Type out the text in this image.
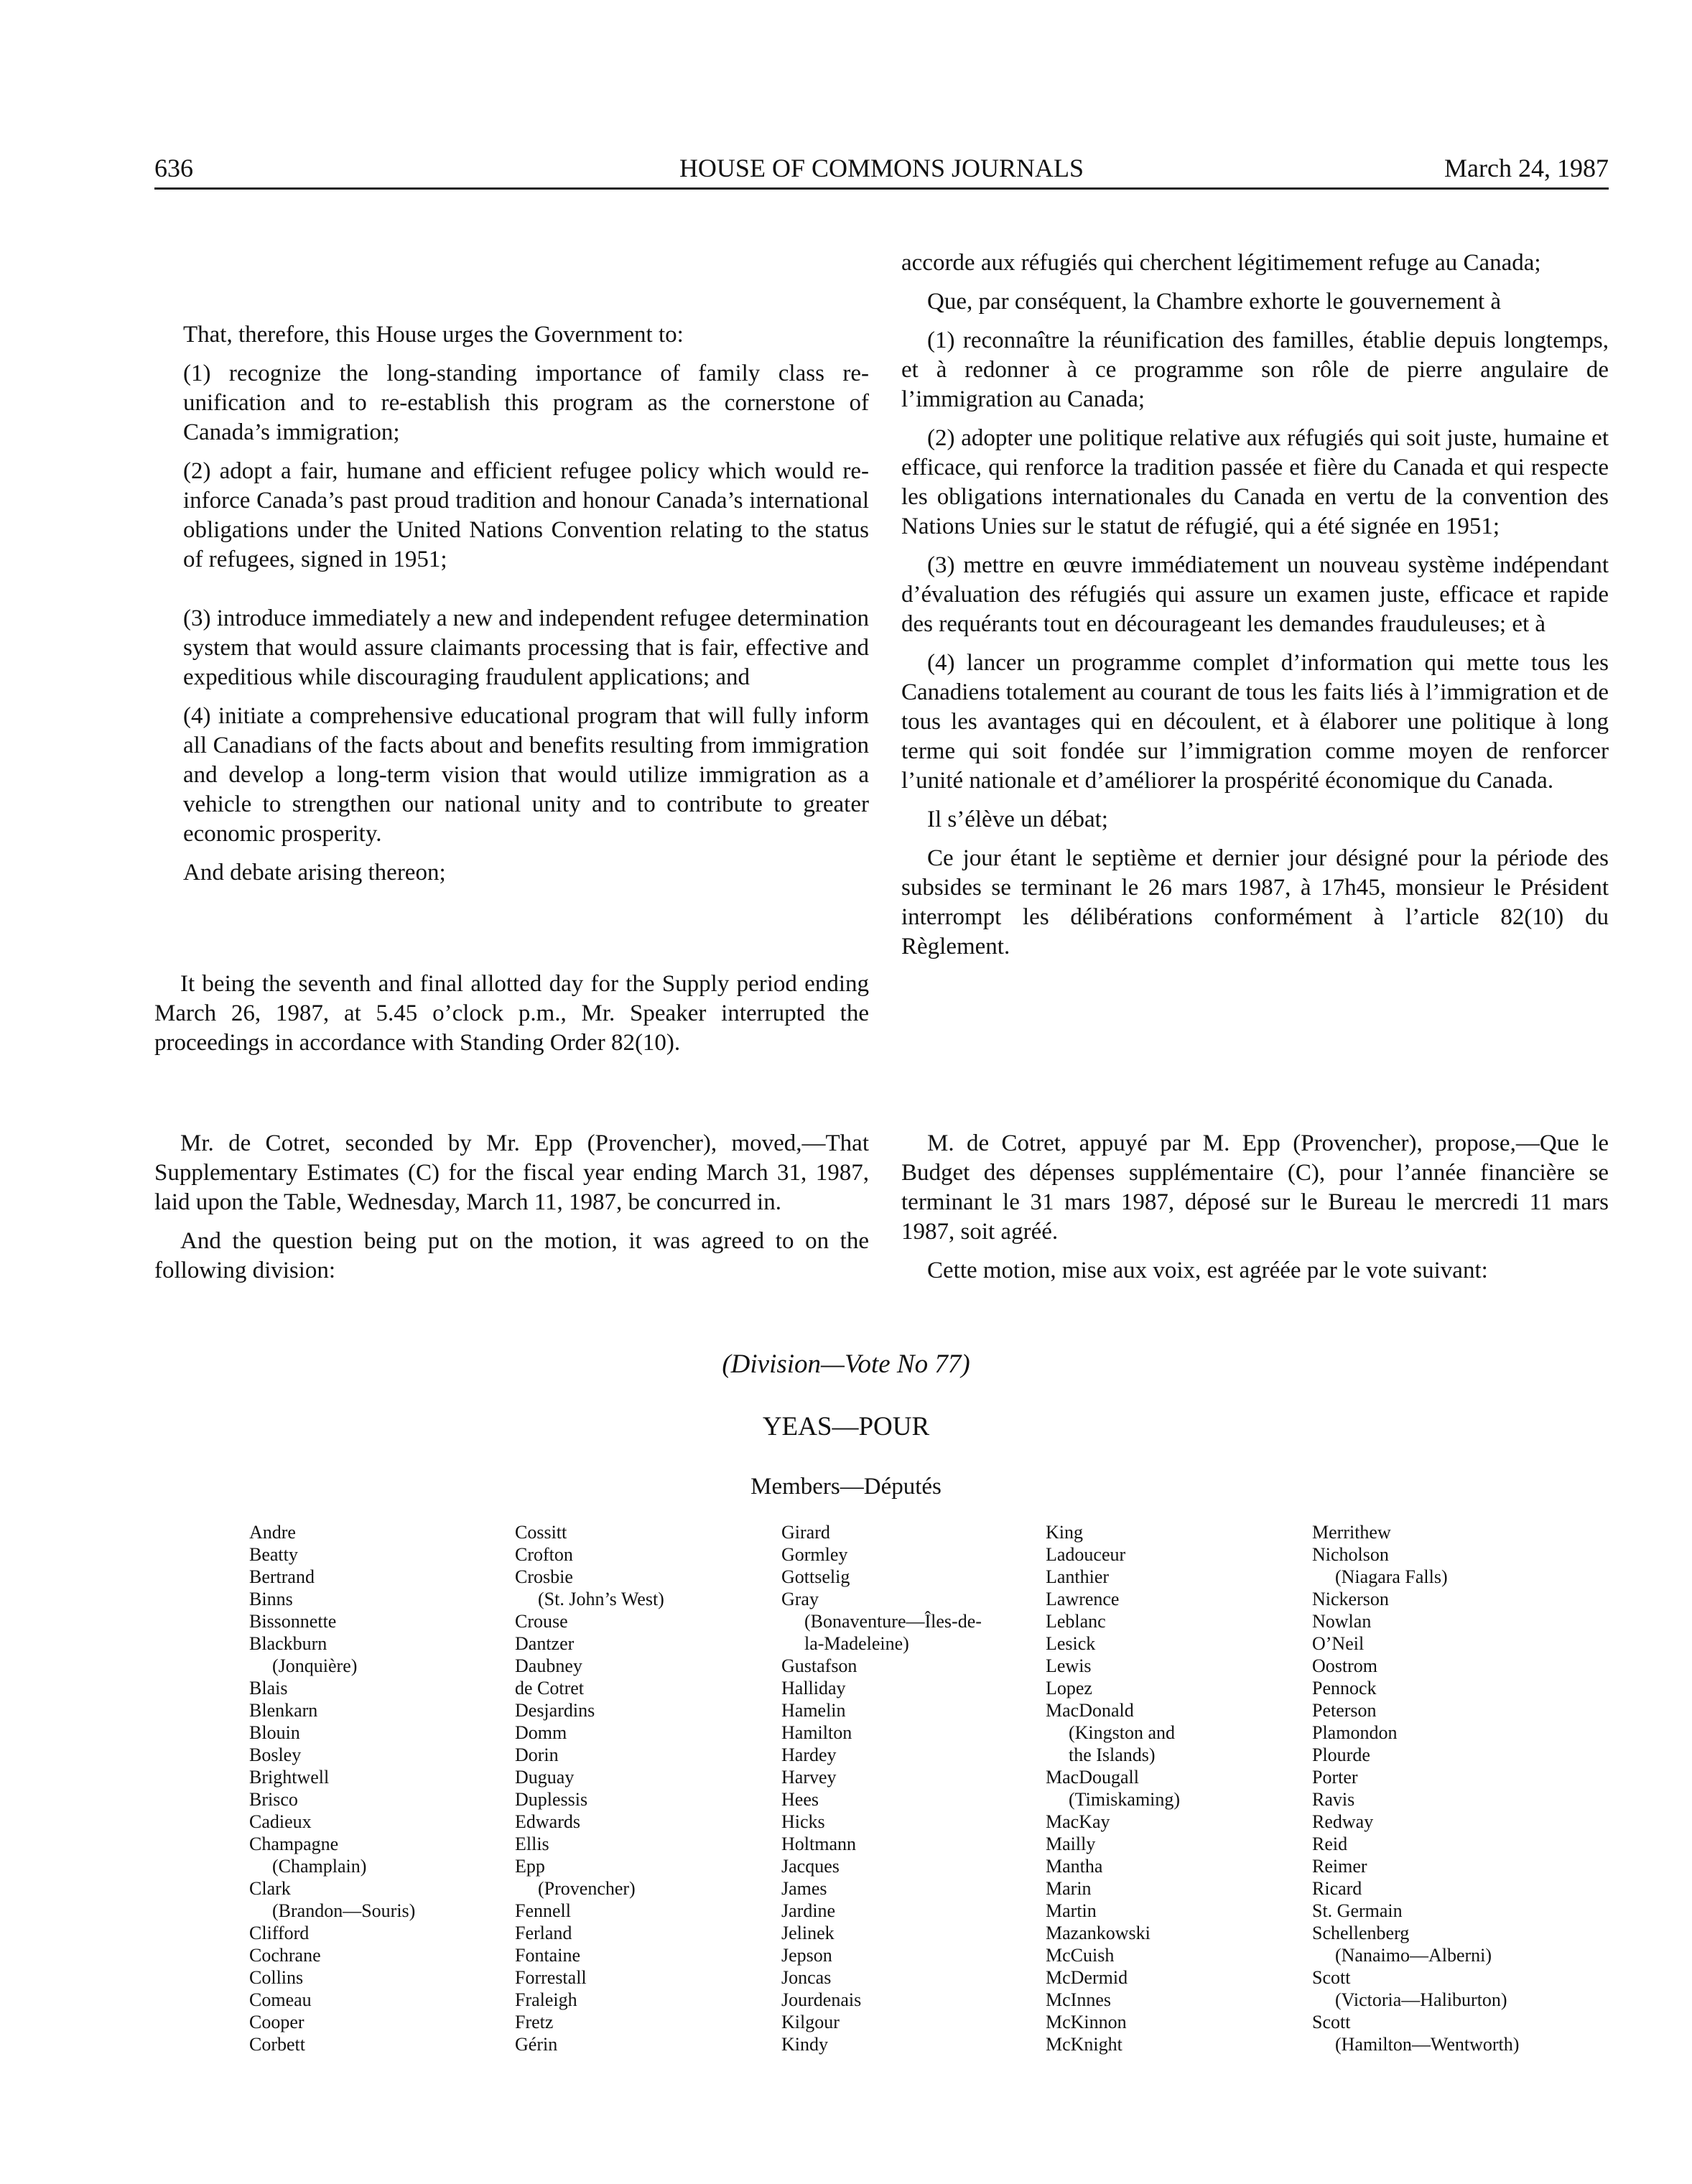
636	HOUSE OF COMMONS JOURNALS	March 24, 1987

That, therefore, this House urges the Government to:

(1) recognize the long-standing importance of family class re-unification and to re-establish this program as the cornerstone of Canada’s immigration;

(2) adopt a fair, humane and efficient refugee policy which would re-inforce Canada’s past proud tradition and honour Canada’s international obligations under the United Nations Convention relating to the status of refugees, signed in 1951;

(3) introduce immediately a new and independent refugee determination system that would assure claimants processing that is fair, effective and expeditious while discouraging fraudulent applications; and

(4) initiate a comprehensive educational program that will fully inform all Canadians of the facts about and benefits resulting from immigration and develop a long-term vision that would utilize immigration as a vehicle to strengthen our national unity and to contribute to greater economic prosperity.

And debate arising thereon;

accorde aux réfugiés qui cherchent légitimement refuge au Canada;

Que, par conséquent, la Chambre exhorte le gouvernement à

(1) reconnaître la réunification des familles, établie depuis longtemps, et à redonner à ce programme son rôle de pierre angulaire de l’immigration au Canada;

(2) adopter une politique relative aux réfugiés qui soit juste, humaine et efficace, qui renforce la tradition passée et fière du Canada et qui respecte les obligations internationales du Canada en vertu de la convention des Nations Unies sur le statut de réfugié, qui a été signée en 1951;

(3) mettre en œuvre immédiatement un nouveau système indépendant d’évaluation des réfugiés qui assure un examen juste, efficace et rapide des requérants tout en décourageant les demandes frauduleuses; et à

(4) lancer un programme complet d’information qui mette tous les Canadiens totalement au courant de tous les faits liés à l’immigration et de tous les avantages qui en découlent, et à élaborer une politique à long terme qui soit fondée sur l’immigration comme moyen de renforcer l’unité nationale et d’améliorer la prospérité économique du Canada.

Il s’élève un débat;

Ce jour étant le septième et dernier jour désigné pour la période des subsides se terminant le 26 mars 1987, à 17h45, monsieur le Président interrompt les délibérations conformément à l’article 82(10) du Règlement.

It being the seventh and final allotted day for the Supply period ending March 26, 1987, at 5.45 o’clock p.m., Mr. Speaker interrupted the proceedings in accordance with Standing Order 82(10).

Mr. de Cotret, seconded by Mr. Epp (Provencher), moved,—That Supplementary Estimates (C) for the fiscal year ending March 31, 1987, laid upon the Table, Wednesday, March 11, 1987, be concurred in.

And the question being put on the motion, it was agreed to on the following division:

M. de Cotret, appuyé par M. Epp (Provencher), propose,—Que le Budget des dépenses supplémentaire (C), pour l’année financière se terminant le 31 mars 1987, déposé sur le Bureau le mercredi 11 mars 1987, soit agréé.

Cette motion, mise aux voix, est agréée par le vote suivant:

(Division—Vote No 77)
YEAS—POUR
Members—Députés
Andre
Beatty
Bertrand
Binns
Bissonnette
Blackburn
(Jonquière)
Blais
Blenkarn
Blouin
Bosley
Brightwell
Brisco
Cadieux
Champagne
(Champlain)
Clark
(Brandon—Souris)
Clifford
Cochrane
Collins
Comeau
Cooper
Corbett
Cossitt
Crofton
Crosbie
(St. John’s West)
Crouse
Dantzer
Daubney
de Cotret
Desjardins
Domm
Dorin
Duguay
Duplessis
Edwards
Ellis
Epp
(Provencher)
Fennell
Ferland
Fontaine
Forrestall
Fraleigh
Fretz
Gérin
Girard
Gormley
Gottselig
Gray
(Bonaventure—Îles-de-
la-Madeleine)
Gustafson
Halliday
Hamelin
Hamilton
Hardey
Harvey
Hees
Hicks
Holtmann
Jacques
James
Jardine
Jelinek
Jepson
Joncas
Jourdenais
Kilgour
Kindy
King
Ladouceur
Lanthier
Lawrence
Leblanc
Lesick
Lewis
Lopez
MacDonald
(Kingston and
the Islands)
MacDougall
(Timiskaming)
MacKay
Mailly
Mantha
Marin
Martin
Mazankowski
McCuish
McDermid
McInnes
McKinnon
McKnight
Merrithew
Nicholson
(Niagara Falls)
Nickerson
Nowlan
O’Neil
Oostrom
Pennock
Peterson
Plamondon
Plourde
Porter
Ravis
Redway
Reid
Reimer
Ricard
St. Germain
Schellenberg
(Nanaimo—Alberni)
Scott
(Victoria—Haliburton)
Scott
(Hamilton—Wentworth)
